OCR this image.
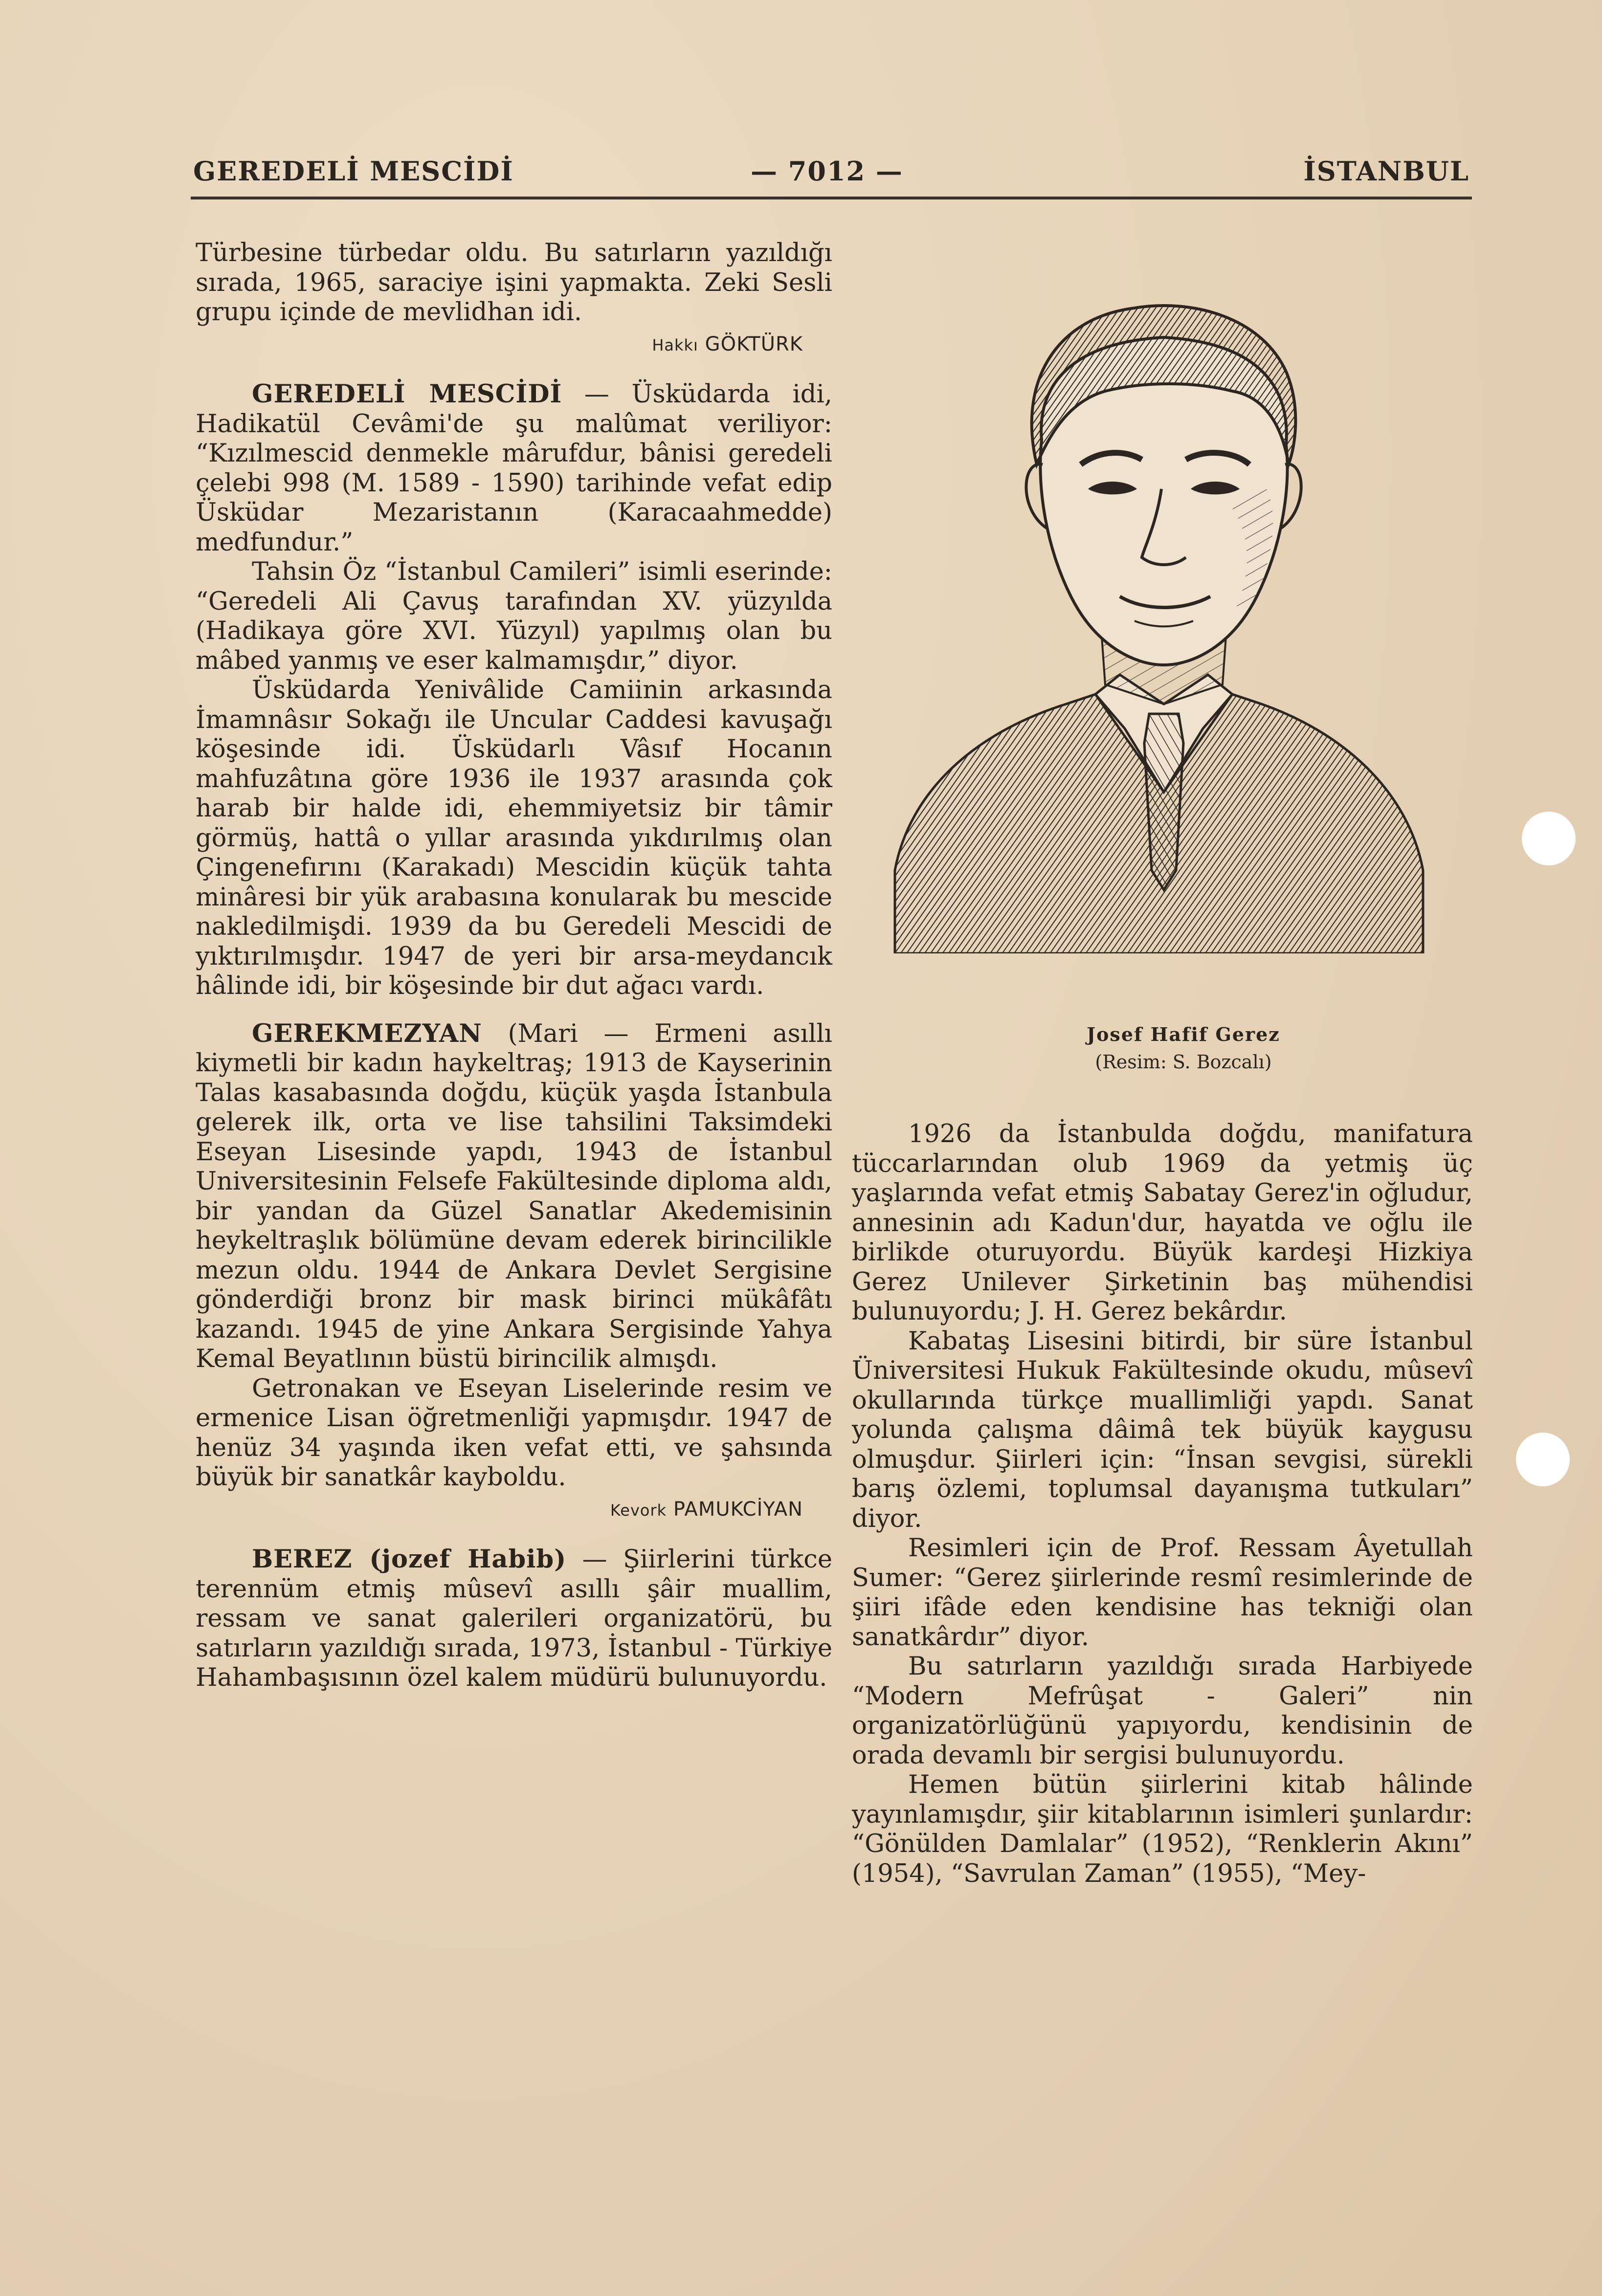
GEREDELİ MESCİDİ	— 7012 —	İSTANBUL

Türbesine türbedar oldu. Bu satırların yazıldığı sırada, 1965, saraciye işini yapmakta. Zeki Sesli grupu içinde de mevlidhan idi.

Hakkı GÖKTÜRK

GEREDELİ MESCİDİ — Üsküdarda idi, Hadikatül Cevâmi'de şu malûmat veriliyor: “Kızılmescid denmekle mârufdur, bânisi geredeli çelebi 998 (M. 1589 - 1590) tarihinde vefat edip Üsküdar Mezaristanın (Karacaahmedde) medfundur.”

Tahsin Öz “İstanbul Camileri” isimli eserinde: “Geredeli Ali Çavuş tarafından XV. yüzyılda (Hadikaya göre XVI. Yüzyıl) yapılmış olan bu mâbed yanmış ve eser kalmamışdır,” diyor.

Üsküdarda Yenivâlide Camiinin arkasında İmamnâsır Sokağı ile Uncular Caddesi kavuşağı köşesinde idi. Üsküdarlı Vâsıf Hocanın mahfuzâtına göre 1936 ile 1937 arasında çok harab bir halde idi, ehemmiyetsiz bir tâmir görmüş, hattâ o yıllar arasında yıkdırılmış olan Çingenefırını (Karakadı) Mescidin küçük tahta minâresi bir yük arabasına konularak bu mescide nakledilmişdi. 1939 da bu Geredeli Mescidi de yıktırılmışdır. 1947 de yeri bir arsa-meydancık hâlinde idi, bir köşesinde bir dut ağacı vardı.

GEREKMEZYAN (Mari — Ermeni asıllı kiymetli bir kadın haykeltraş; 1913 de Kayserinin Talas kasabasında doğdu, küçük yaşda İstanbula gelerek ilk, orta ve lise tahsilini Taksimdeki Eseyan Lisesinde yapdı, 1943 de İstanbul Universitesinin Felsefe Fakültesinde diploma aldı, bir yandan da Güzel Sanatlar Akedemisinin heykeltraşlık bölümüne devam ederek birincilikle mezun oldu. 1944 de Ankara Devlet Sergisine gönderdiği bronz bir mask birinci mükâfâtı kazandı. 1945 de yine Ankara Sergisinde Yahya Kemal Beyatlının büstü birincilik almışdı.

Getronakan ve Eseyan Liselerinde resim ve ermenice Lisan öğretmenliği yapmışdır. 1947 de henüz 34 yaşında iken vefat etti, ve şahsında büyük bir sanatkâr kayboldu.

Kevork PAMUKCİYAN

BEREZ (jozef Habib) — Şiirlerini türkce terennüm etmiş mûsevî asıllı şâir muallim, ressam ve sanat galerileri organizatörü, bu satırların yazıldığı sırada, 1973, İstanbul - Türkiye Hahambaşısının özel kalem müdürü bulunuyordu.

1926 da İstanbulda doğdu, manifatura tüccarlarından olub 1969 da yetmiş üç yaşlarında vefat etmiş Sabatay Gerez'in oğludur, annesinin adı Kadun'dur, hayatda ve oğlu ile birlikde oturuyordu. Büyük kardeşi Hizkiya Gerez Unilever Şirketinin baş mühendisi bulunuyordu; J. H. Gerez bekârdır.

Kabataş Lisesini bitirdi, bir süre İstanbul Üniversitesi Hukuk Fakültesinde okudu, mûsevî okullarında türkçe muallimliği yapdı. Sanat yolunda çalışma dâimâ tek büyük kaygusu olmuşdur. Şiirleri için: “İnsan sevgisi, sürekli barış özlemi, toplumsal dayanışma tutkuları” diyor.

Resimleri için de Prof. Ressam Âyetullah Sumer: “Gerez şiirlerinde resmî resimlerinde de şiiri ifâde eden kendisine has tekniği olan sanatkârdır” diyor.

Bu satırların yazıldığı sırada Harbiyede “Modern Mefrûşat - Galeri” nin organizatörlüğünü yapıyordu, kendisinin de orada devamlı bir sergisi bulunuyordu.

Hemen bütün şiirlerini kitab hâlinde yayınlamışdır, şiir kitablarının isimleri şunlardır: “Gönülden Damlalar” (1952), “Renklerin Akını” (1954), “Savrulan Zaman” (1955), “Mey-

Josef Hafif Gerez
(Resim: S. Bozcalı)
